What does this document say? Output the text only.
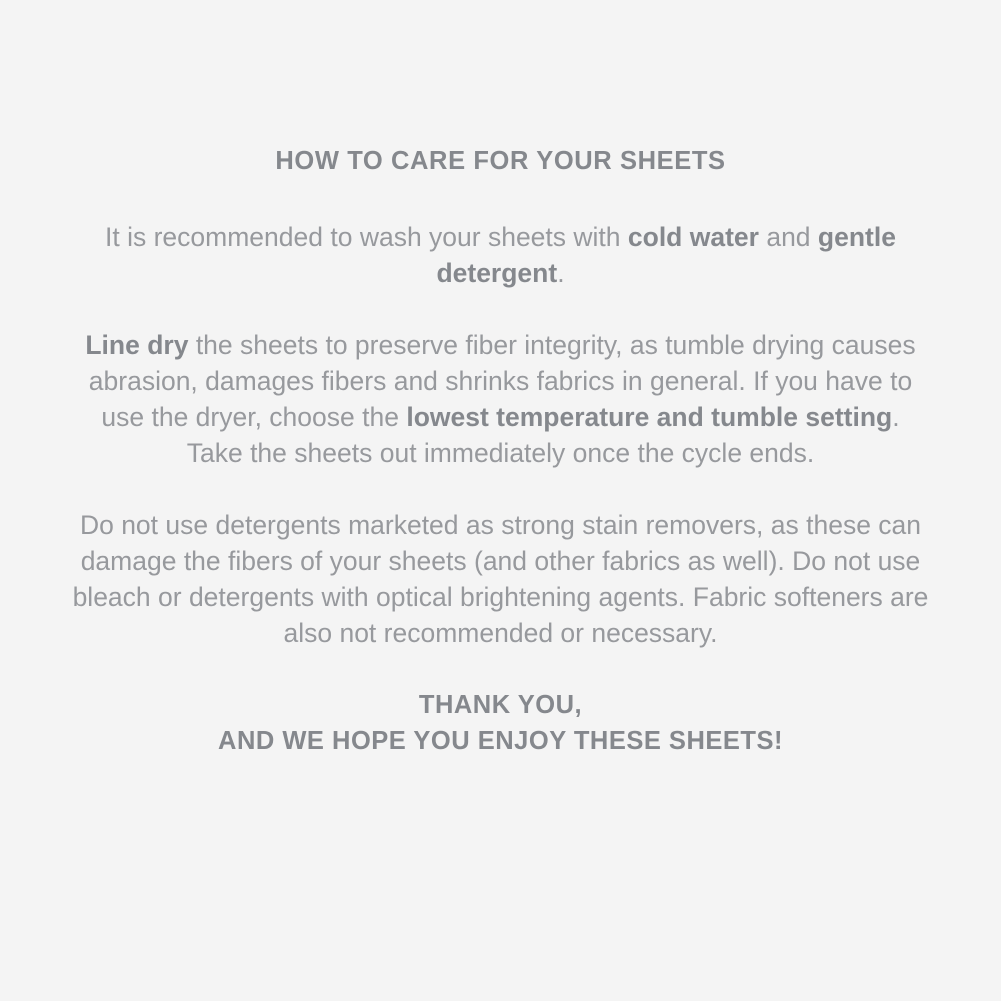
HOW TO CARE FOR YOUR SHEETS

It is recommended to wash your sheets with cold water and gentle detergent.

Line dry the sheets to preserve fiber integrity, as tumble drying causes abrasion, damages fibers and shrinks fabrics in general. If you have to use the dryer, choose the lowest temperature and tumble setting. Take the sheets out immediately once the cycle ends.

Do not use detergents marketed as strong stain removers, as these can damage the fibers of your sheets (and other fabrics as well). Do not use bleach or detergents with optical brightening agents. Fabric softeners are also not recommended or necessary.

THANK YOU,
AND WE HOPE YOU ENJOY THESE SHEETS!
